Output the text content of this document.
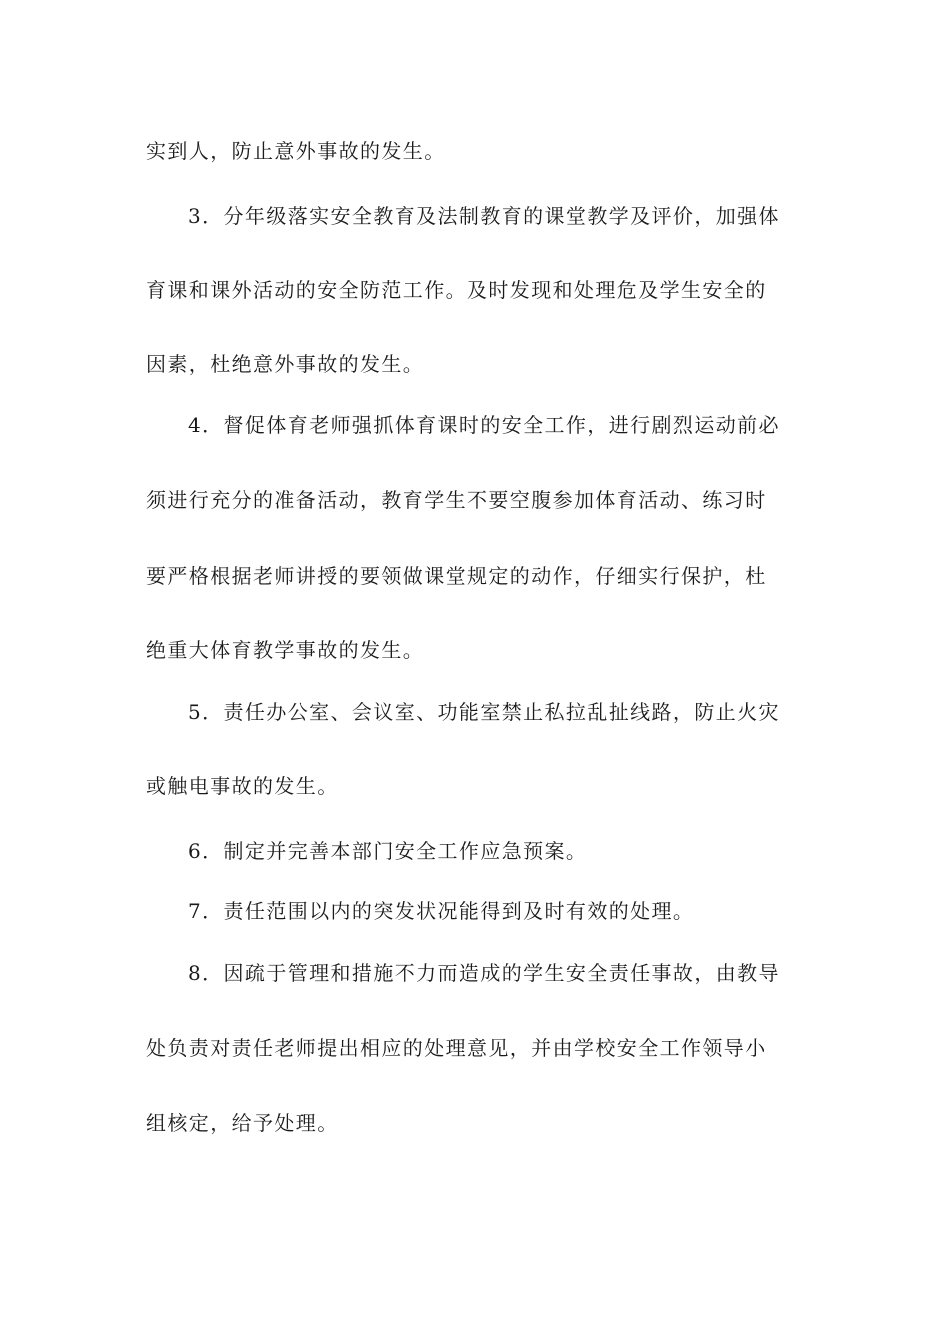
实到人，防止意外事故的发生。
3．分年级落实安全教育及法制教育的课堂教学及评价，加强体
育课和课外活动的安全防范工作。及时发现和处理危及学生安全的
因素，杜绝意外事故的发生。
4．督促体育老师强抓体育课时的安全工作，进行剧烈运动前必
须进行充分的准备活动，教育学生不要空腹参加体育活动、练习时
要严格根据老师讲授的要领做课堂规定的动作，仔细实行保护，杜
绝重大体育教学事故的发生。
5．责任办公室、会议室、功能室禁止私拉乱扯线路，防止火灾
或触电事故的发生。
6．制定并完善本部门安全工作应急预案。
7．责任范围以内的突发状况能得到及时有效的处理。
8．因疏于管理和措施不力而造成的学生安全责任事故，由教导
处负责对责任老师提出相应的处理意见，并由学校安全工作领导小
组核定，给予处理。
